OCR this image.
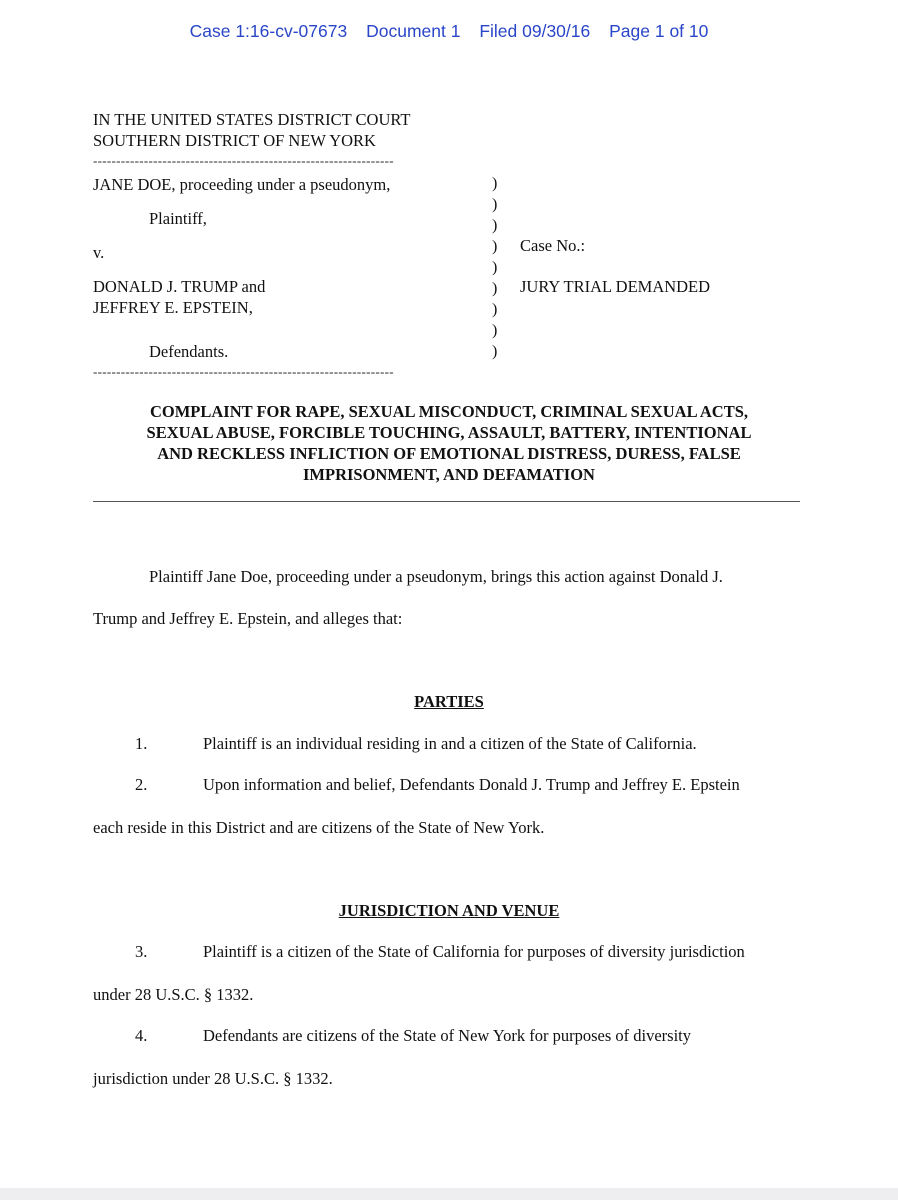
Case 1:16-cv-07673 Document 1 Filed 09/30/16 Page 1 of 10
IN THE UNITED STATES DISTRICT COURT
SOUTHERN DISTRICT OF NEW YORK
-----------------------------------------------------------------
JANE DOE, proceeding under a pseudonym,
Plaintiff,
v.
DONALD J. TRUMP and
JEFFREY E. EPSTEIN,
Defendants.
-----------------------------------------------------------------
)
)
)
)
)
)
)
)
)
Case No.:
JURY TRIAL DEMANDED
COMPLAINT FOR RAPE, SEXUAL MISCONDUCT, CRIMINAL SEXUAL ACTS,
SEXUAL ABUSE, FORCIBLE TOUCHING, ASSAULT, BATTERY, INTENTIONAL
AND RECKLESS INFLICTION OF EMOTIONAL DISTRESS, DURESS, FALSE
IMPRISONMENT, AND DEFAMATION
Plaintiff Jane Doe, proceeding under a pseudonym, brings this action against Donald J.
Trump and Jeffrey E. Epstein, and alleges that:
PARTIES
1.	Plaintiff is an individual residing in and a citizen of the State of California.
2.	Upon information and belief, Defendants Donald J. Trump and Jeffrey E. Epstein
each reside in this District and are citizens of the State of New York.
JURISDICTION AND VENUE
3.	Plaintiff is a citizen of the State of California for purposes of diversity jurisdiction
under 28 U.S.C. § 1332.
4.	Defendants are citizens of the State of New York for purposes of diversity
jurisdiction under 28 U.S.C. § 1332.
